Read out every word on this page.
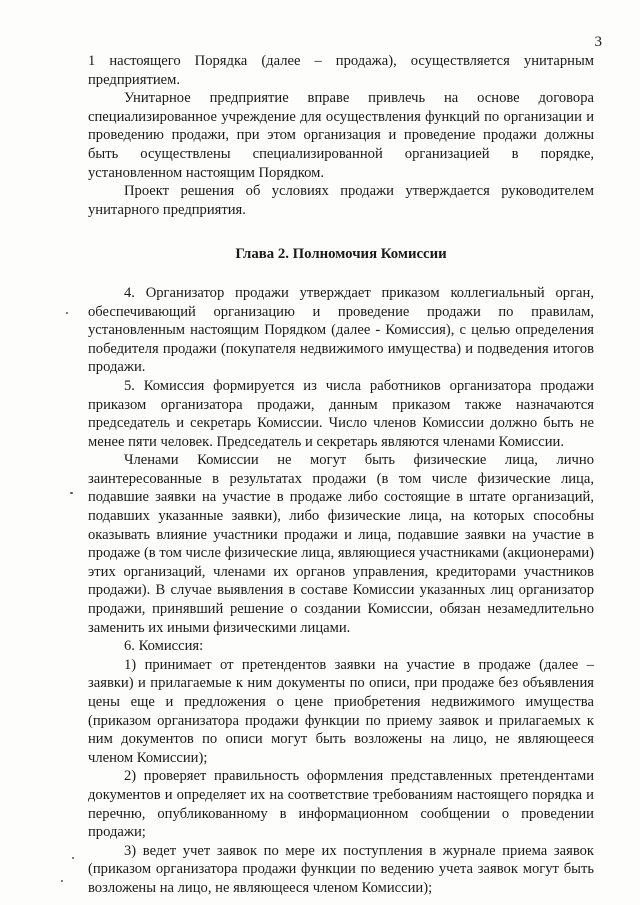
3

1 настоящего Порядка (далее – продажа), осуществляется унитарным предприятием.

Унитарное предприятие вправе привлечь на основе договора специализированное учреждение для осуществления функций по организации и проведению продажи, при этом организация и проведение продажи должны быть осуществлены специализированной организацией в порядке, установленном настоящим Порядком.

Проект решения об условиях продажи утверждается руководителем унитарного предприятия.

Глава 2. Полномочия Комиссии

4. Организатор продажи утверждает приказом коллегиальный орган, обеспечивающий организацию и проведение продажи по правилам, установленным настоящим Порядком (далее - Комиссия), с целью определения победителя продажи (покупателя недвижимого имущества) и подведения итогов продажи.

5. Комиссия формируется из числа работников организатора продажи приказом организатора продажи, данным приказом также назначаются председатель и секретарь Комиссии. Число членов Комиссии должно быть не менее пяти человек. Председатель и секретарь являются членами Комиссии.

Членами Комиссии не могут быть физические лица, лично заинтересованные в результатах продажи (в том числе физические лица, подавшие заявки на участие в продаже либо состоящие в штате организаций, подавших указанные заявки), либо физические лица, на которых способны оказывать влияние участники продажи и лица, подавшие заявки на участие в продаже (в том числе физические лица, являющиеся участниками (акционерами) этих организаций, членами их органов управления, кредиторами участников продажи). В случае выявления в составе Комиссии указанных лиц организатор продажи, принявший решение о создании Комиссии, обязан незамедлительно заменить их иными физическими лицами.

6. Комиссия:

1) принимает от претендентов заявки на участие в продаже (далее – заявки) и прилагаемые к ним документы по описи, при продаже без объявления цены еще и предложения о цене приобретения недвижимого имущества (приказом организатора продажи функции по приему заявок и прилагаемых к ним документов по описи могут быть возложены на лицо, не являющееся членом Комиссии);

2) проверяет правильность оформления представленных претендентами документов и определяет их на соответствие требованиям настоящего порядка и перечню, опубликованному в информационном сообщении о проведении продажи;

3) ведет учет заявок по мере их поступления в журнале приема заявок (приказом организатора продажи функции по ведению учета заявок могут быть возложены на лицо, не являющееся членом Комиссии);
